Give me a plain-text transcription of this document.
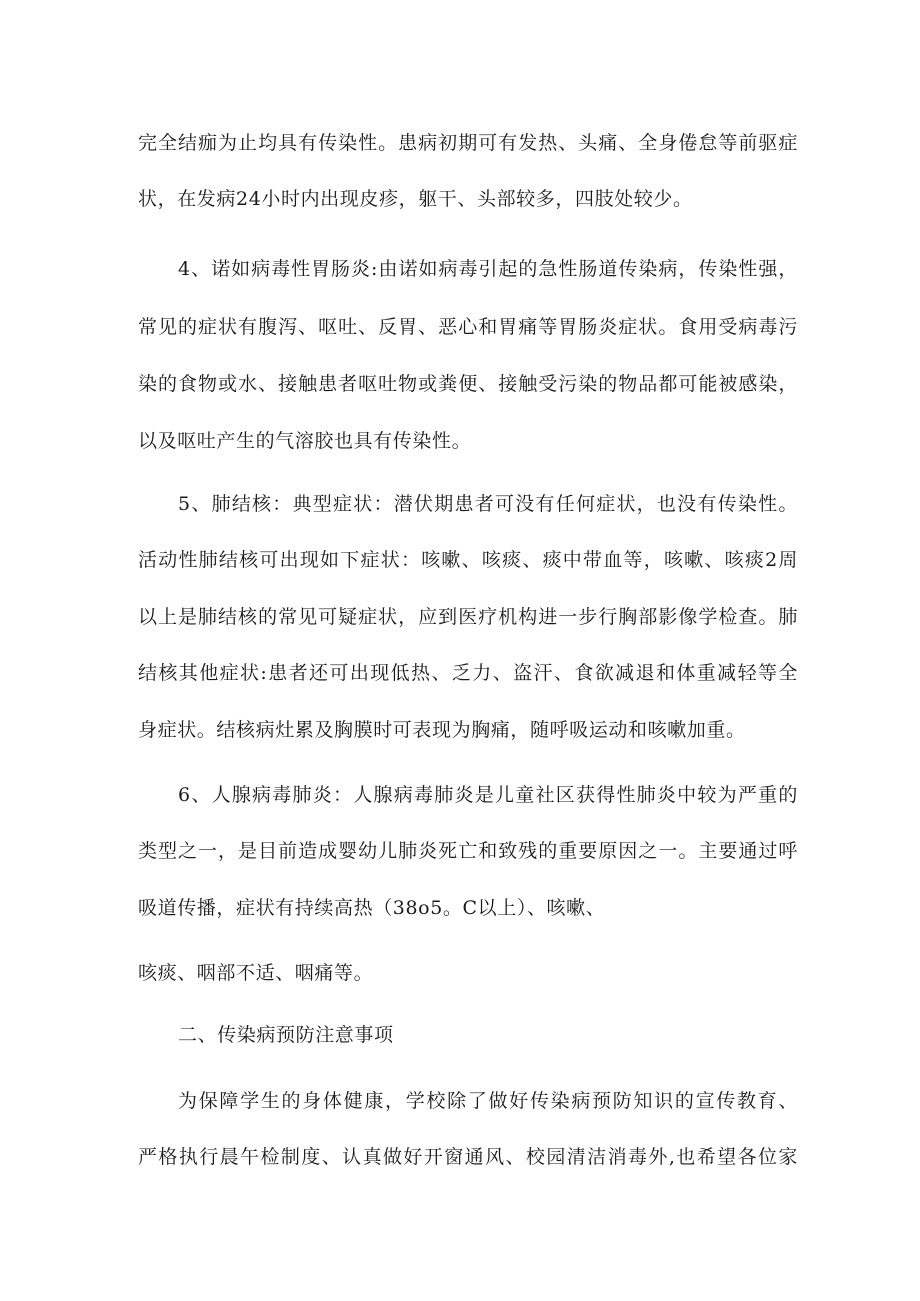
完全结痂为止均具有传染性。患病初期可有发热、头痛、全身倦怠等前驱症
状，在发病24小时内出现皮疹，躯干、头部较多，四肢处较少。
4、诺如病毒性胃肠炎:由诺如病毒引起的急性肠道传染病，传染性强，
常见的症状有腹泻、呕吐、反胃、恶心和胃痛等胃肠炎症状。食用受病毒污
染的食物或水、接触患者呕吐物或粪便、接触受污染的物品都可能被感染，
以及呕吐产生的气溶胶也具有传染性。
5、肺结核：典型症状：潜伏期患者可没有任何症状，也没有传染性。
活动性肺结核可出现如下症状：咳嗽、咳痰、痰中带血等，咳嗽、咳痰2周
以上是肺结核的常见可疑症状，应到医疗机构进一步行胸部影像学检查。肺
结核其他症状:患者还可出现低热、乏力、盗汗、食欲减退和体重减轻等全
身症状。结核病灶累及胸膜时可表现为胸痛，随呼吸运动和咳嗽加重。
6、人腺病毒肺炎：人腺病毒肺炎是儿童社区获得性肺炎中较为严重的
类型之一，是目前造成婴幼儿肺炎死亡和致残的重要原因之一。主要通过呼
吸道传播，症状有持续高热（38o5。C以上）、咳嗽、
咳痰、咽部不适、咽痛等。
二、传染病预防注意事项
为保障学生的身体健康，学校除了做好传染病预防知识的宣传教育、
严格执行晨午检制度、认真做好开窗通风、校园清洁消毒外,也希望各位家
